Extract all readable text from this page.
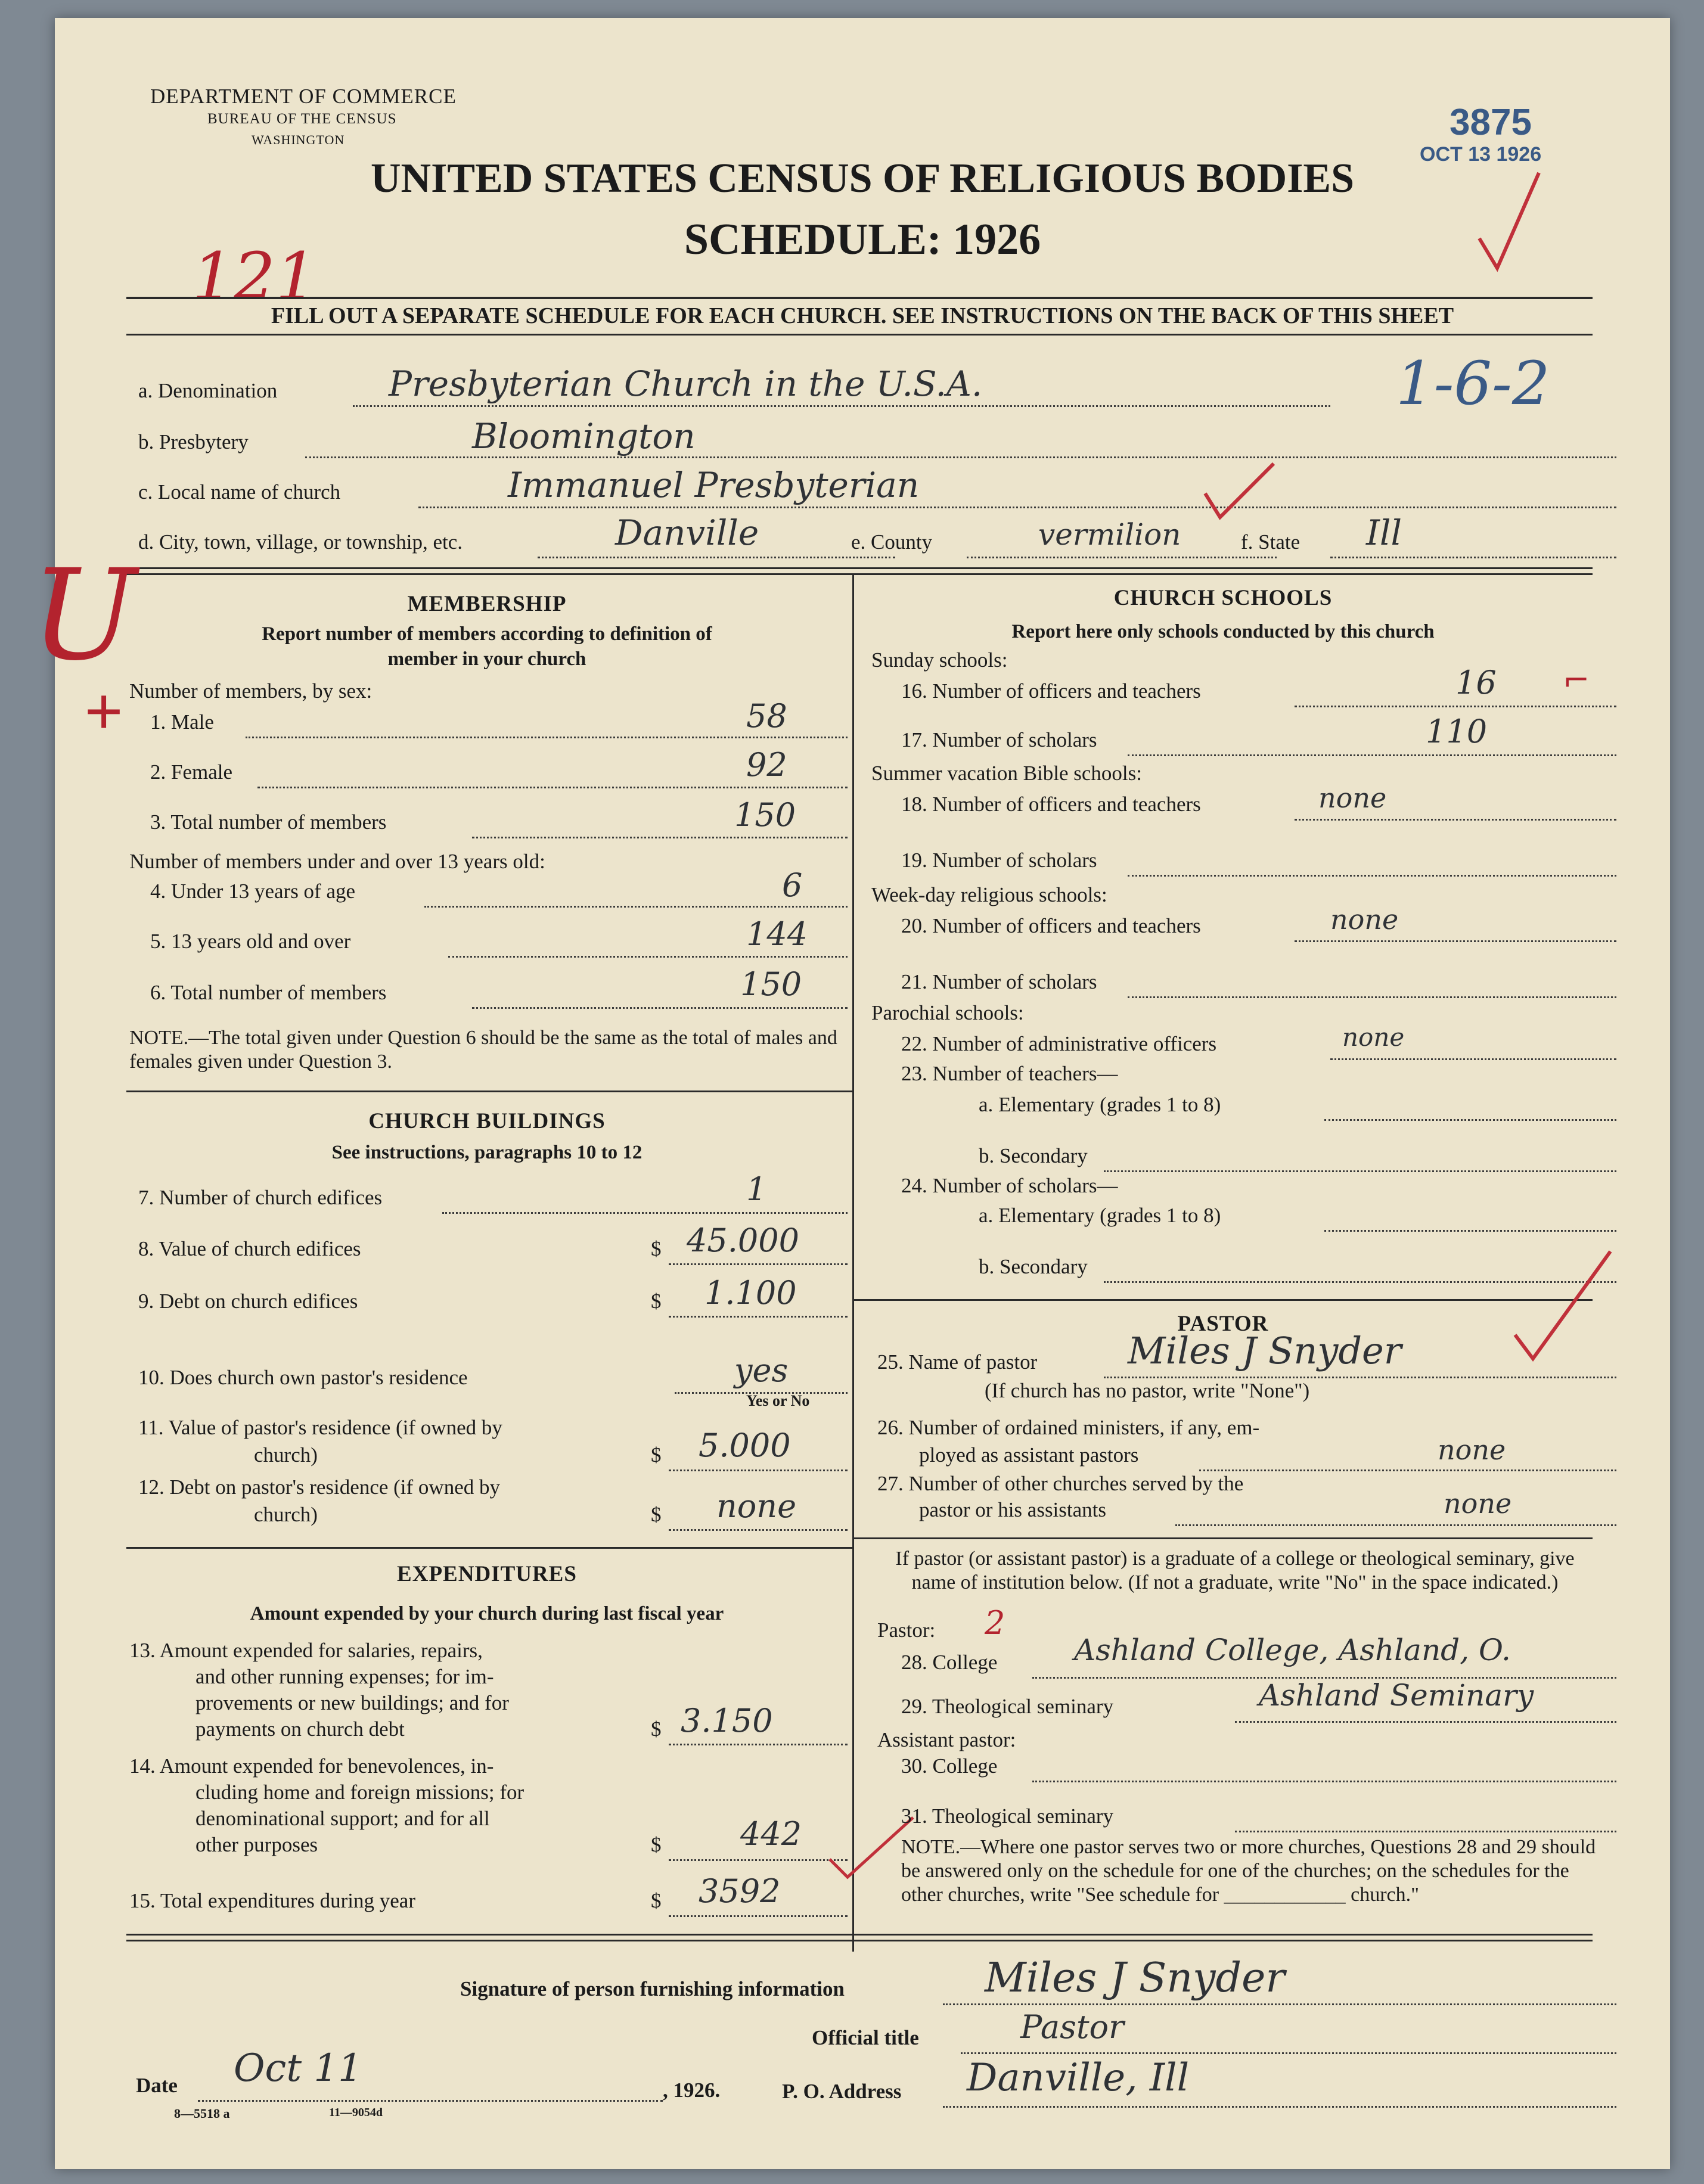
DEPARTMENT OF COMMERCE
BUREAU OF THE CENSUS
WASHINGTON
UNITED STATES CENSUS OF RELIGIOUS BODIES
SCHEDULE: 1926
3875
OCT 13 1926
121
FILL OUT A SEPARATE SCHEDULE FOR EACH CHURCH. SEE INSTRUCTIONS ON THE BACK OF THIS SHEET
a. Denomination	Presbyterian Church in the U.S.A.	1-6-2
b. Presbytery	Bloomington
c. Local name of church	Immanuel Presbyterian
d. City, town, village, or township, etc.	Danville	e. County	vermilion	f. State Ill
U
+
MEMBERSHIP
Report number of members according to definition of
member in your church
Number of members, by sex:
1. Male	58
2. Female	92
3. Total number of members	150
Number of members under and over 13 years old:
4. Under 13 years of age	6
5. 13 years old and over	144
6. Total number of members	150
NOTE.—The total given under Question 6 should be the same as the total of males and females given under Question 3.
CHURCH BUILDINGS
See instructions, paragraphs 10 to 12
7. Number of church edifices	1
8. Value of church edifices	$ 45.000
9. Debt on church edifices	$ 1.100
10. Does church own pastor's residence	yes
Yes or No
11. Value of pastor's residence (if owned by
church)	$ 5.000
12. Debt on pastor's residence (if owned by
church)	$ none
EXPENDITURES
Amount expended by your church during last fiscal year
13. Amount expended for salaries, repairs,
and other running expenses; for im-
provements or new buildings; and for
payments on church debt	$ 3.150
14. Amount expended for benevolences, in-
cluding home and foreign missions; for
denominational support; and for all
other purposes	$ 442
15. Total expenditures during year	$ 3592
CHURCH SCHOOLS
Report here only schools conducted by this church
Sunday schools:
16. Number of officers and teachers	16 ⌐
17. Number of scholars	110
Summer vacation Bible schools:
18. Number of officers and teachers	none
19. Number of scholars
Week-day religious schools:
20. Number of officers and teachers	none
21. Number of scholars
Parochial schools:
22. Number of administrative officers	none
23. Number of teachers—
a. Elementary (grades 1 to 8)
b. Secondary
24. Number of scholars—
a. Elementary (grades 1 to 8)
b. Secondary
PASTOR
25. Name of pastor Miles J Snyder
(If church has no pastor, write "None")
26. Number of ordained ministers, if any, em-
ployed as assistant pastors	none
27. Number of other churches served by the
pastor or his assistants	none
If pastor (or assistant pastor) is a graduate of a college or theological seminary, give name of institution below. (If not a graduate, write "No" in the space indicated.)
Pastor: 2
28. College	Ashland College, Ashland, O.
29. Theological seminary	Ashland Seminary
Assistant pastor:
30. College
31. Theological seminary
NOTE.—Where one pastor serves two or more churches, Questions 28 and 29 should be answered only on the schedule for one of the churches; on the schedules for the other churches, write "See schedule for ____________ church."
Signature of person furnishing information	Miles J Snyder
Official title	Pastor
Date Oct 11	, 1926.	P. O. Address Danville, Ill
8—5518 a	11—9054d
